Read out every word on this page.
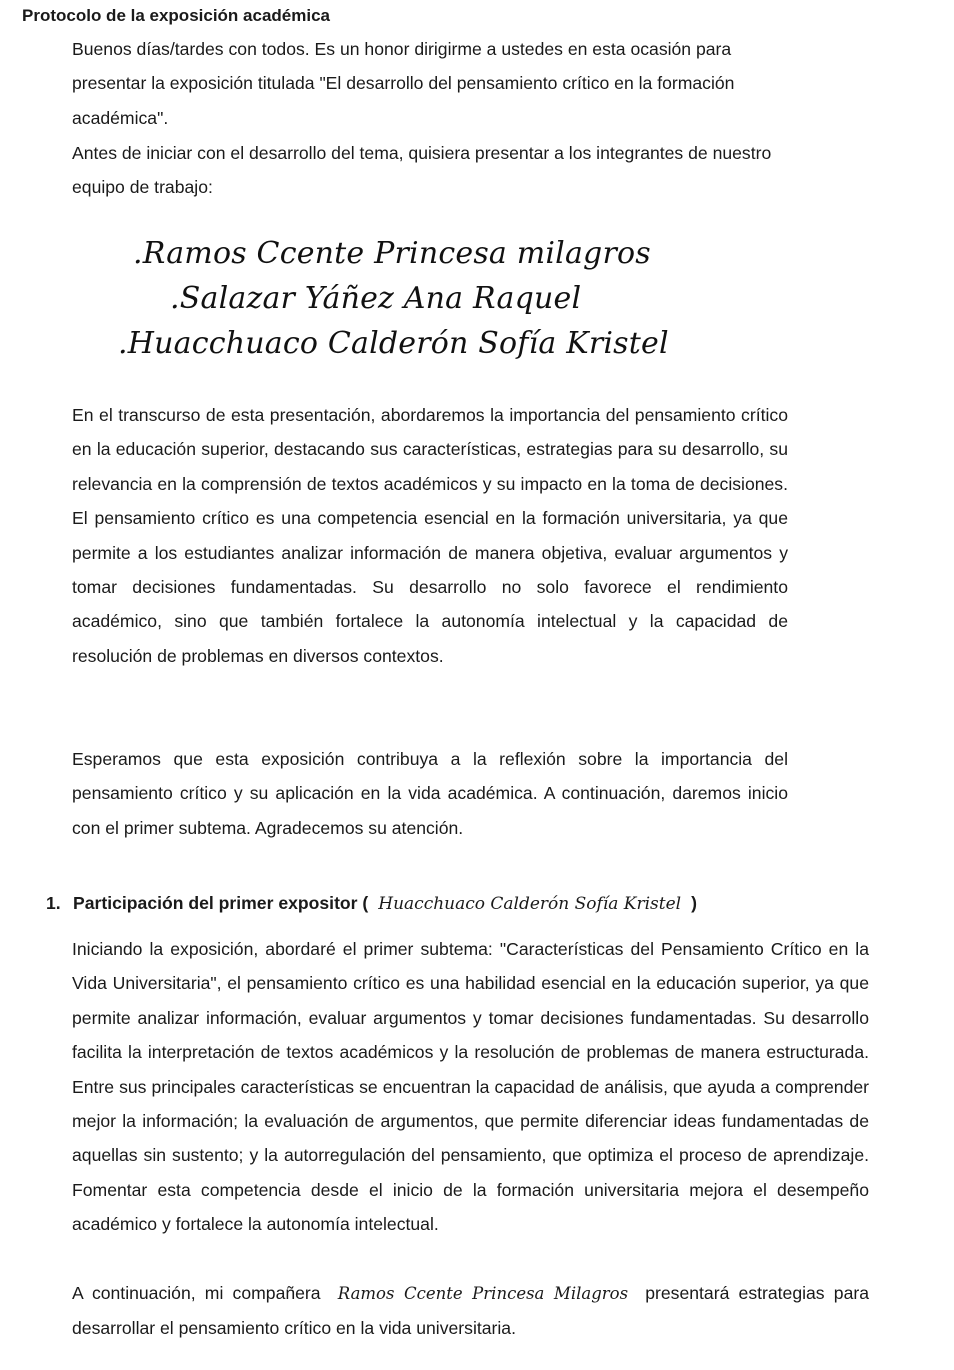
Protocolo de la exposición académica

Buenos días/tardes con todos. Es un honor dirigirme a ustedes en esta ocasión para presentar la exposición titulada "El desarrollo del pensamiento crítico en la formación académica".

Antes de iniciar con el desarrollo del tema, quisiera presentar a los integrantes de nuestro equipo de trabajo:

.Ramos Ccente Princesa milagros

.Salazar Yáñez Ana Raquel

.Huacchuaco Calderón Sofía Kristel

En el transcurso de esta presentación, abordaremos la importancia del pensamiento crítico en la educación superior, destacando sus características, estrategias para su desarrollo, su relevancia en la comprensión de textos académicos y su impacto en la toma de decisiones. El pensamiento crítico es una competencia esencial en la formación universitaria, ya que permite a los estudiantes analizar información de manera objetiva, evaluar argumentos y tomar decisiones fundamentadas. Su desarrollo no solo favorece el rendimiento académico, sino que también fortalece la autonomía intelectual y la capacidad de resolución de problemas en diversos contextos.

Esperamos que esta exposición contribuya a la reflexión sobre la importancia del pensamiento crítico y su aplicación en la vida académica. A continuación, daremos inicio con el primer subtema. Agradecemos su atención.

1. Participación del primer expositor ( Huacchuaco Calderón Sofía Kristel )

Iniciando la exposición, abordaré el primer subtema: "Características del Pensamiento Crítico en la Vida Universitaria", el pensamiento crítico es una habilidad esencial en la educación superior, ya que permite analizar información, evaluar argumentos y tomar decisiones fundamentadas. Su desarrollo facilita la interpretación de textos académicos y la resolución de problemas de manera estructurada. Entre sus principales características se encuentran la capacidad de análisis, que ayuda a comprender mejor la información; la evaluación de argumentos, que permite diferenciar ideas fundamentadas de aquellas sin sustento; y la autorregulación del pensamiento, que optimiza el proceso de aprendizaje. Fomentar esta competencia desde el inicio de la formación universitaria mejora el desempeño académico y fortalece la autonomía intelectual.

A continuación, mi compañera Ramos Ccente Princesa Milagros presentará estrategias para desarrollar el pensamiento crítico en la vida universitaria.
